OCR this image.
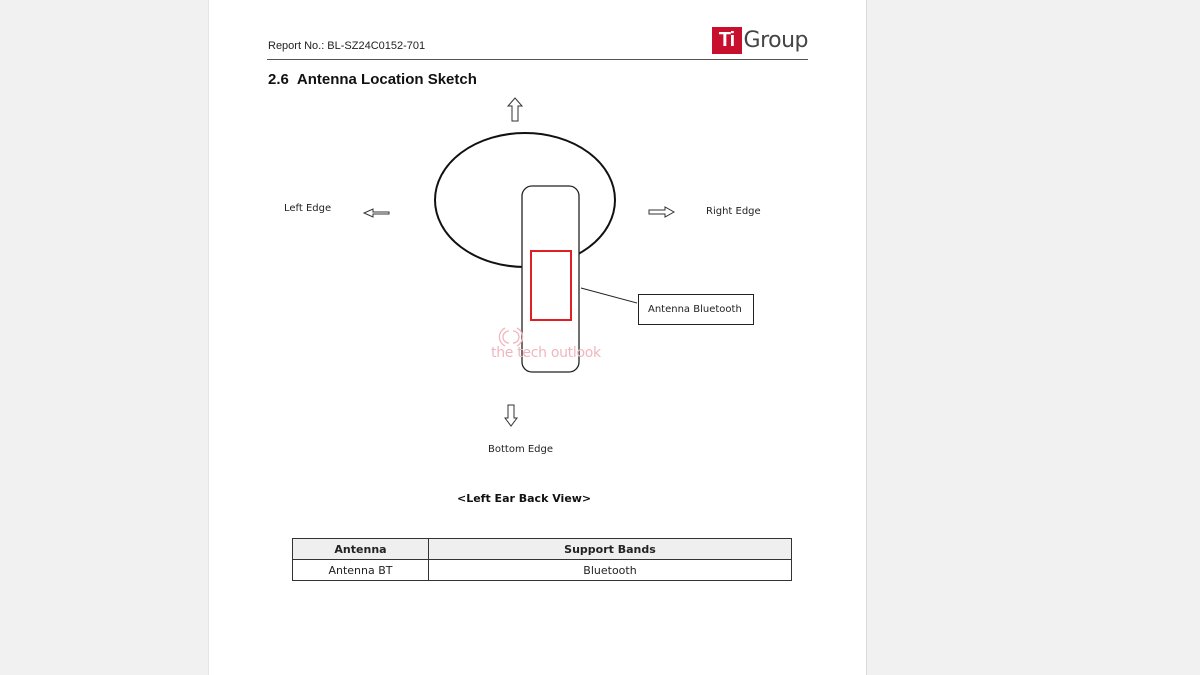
Report No.: BL-SZ24C0152-701	Ti Group
2.6 Antenna Location Sketch
Left Edge	Right Edge
Bottom Edge
Antenna Bluetooth
the tech outlook
<Left Ear Back View>
Antenna	Support Bands
Antenna BT	Bluetooth
